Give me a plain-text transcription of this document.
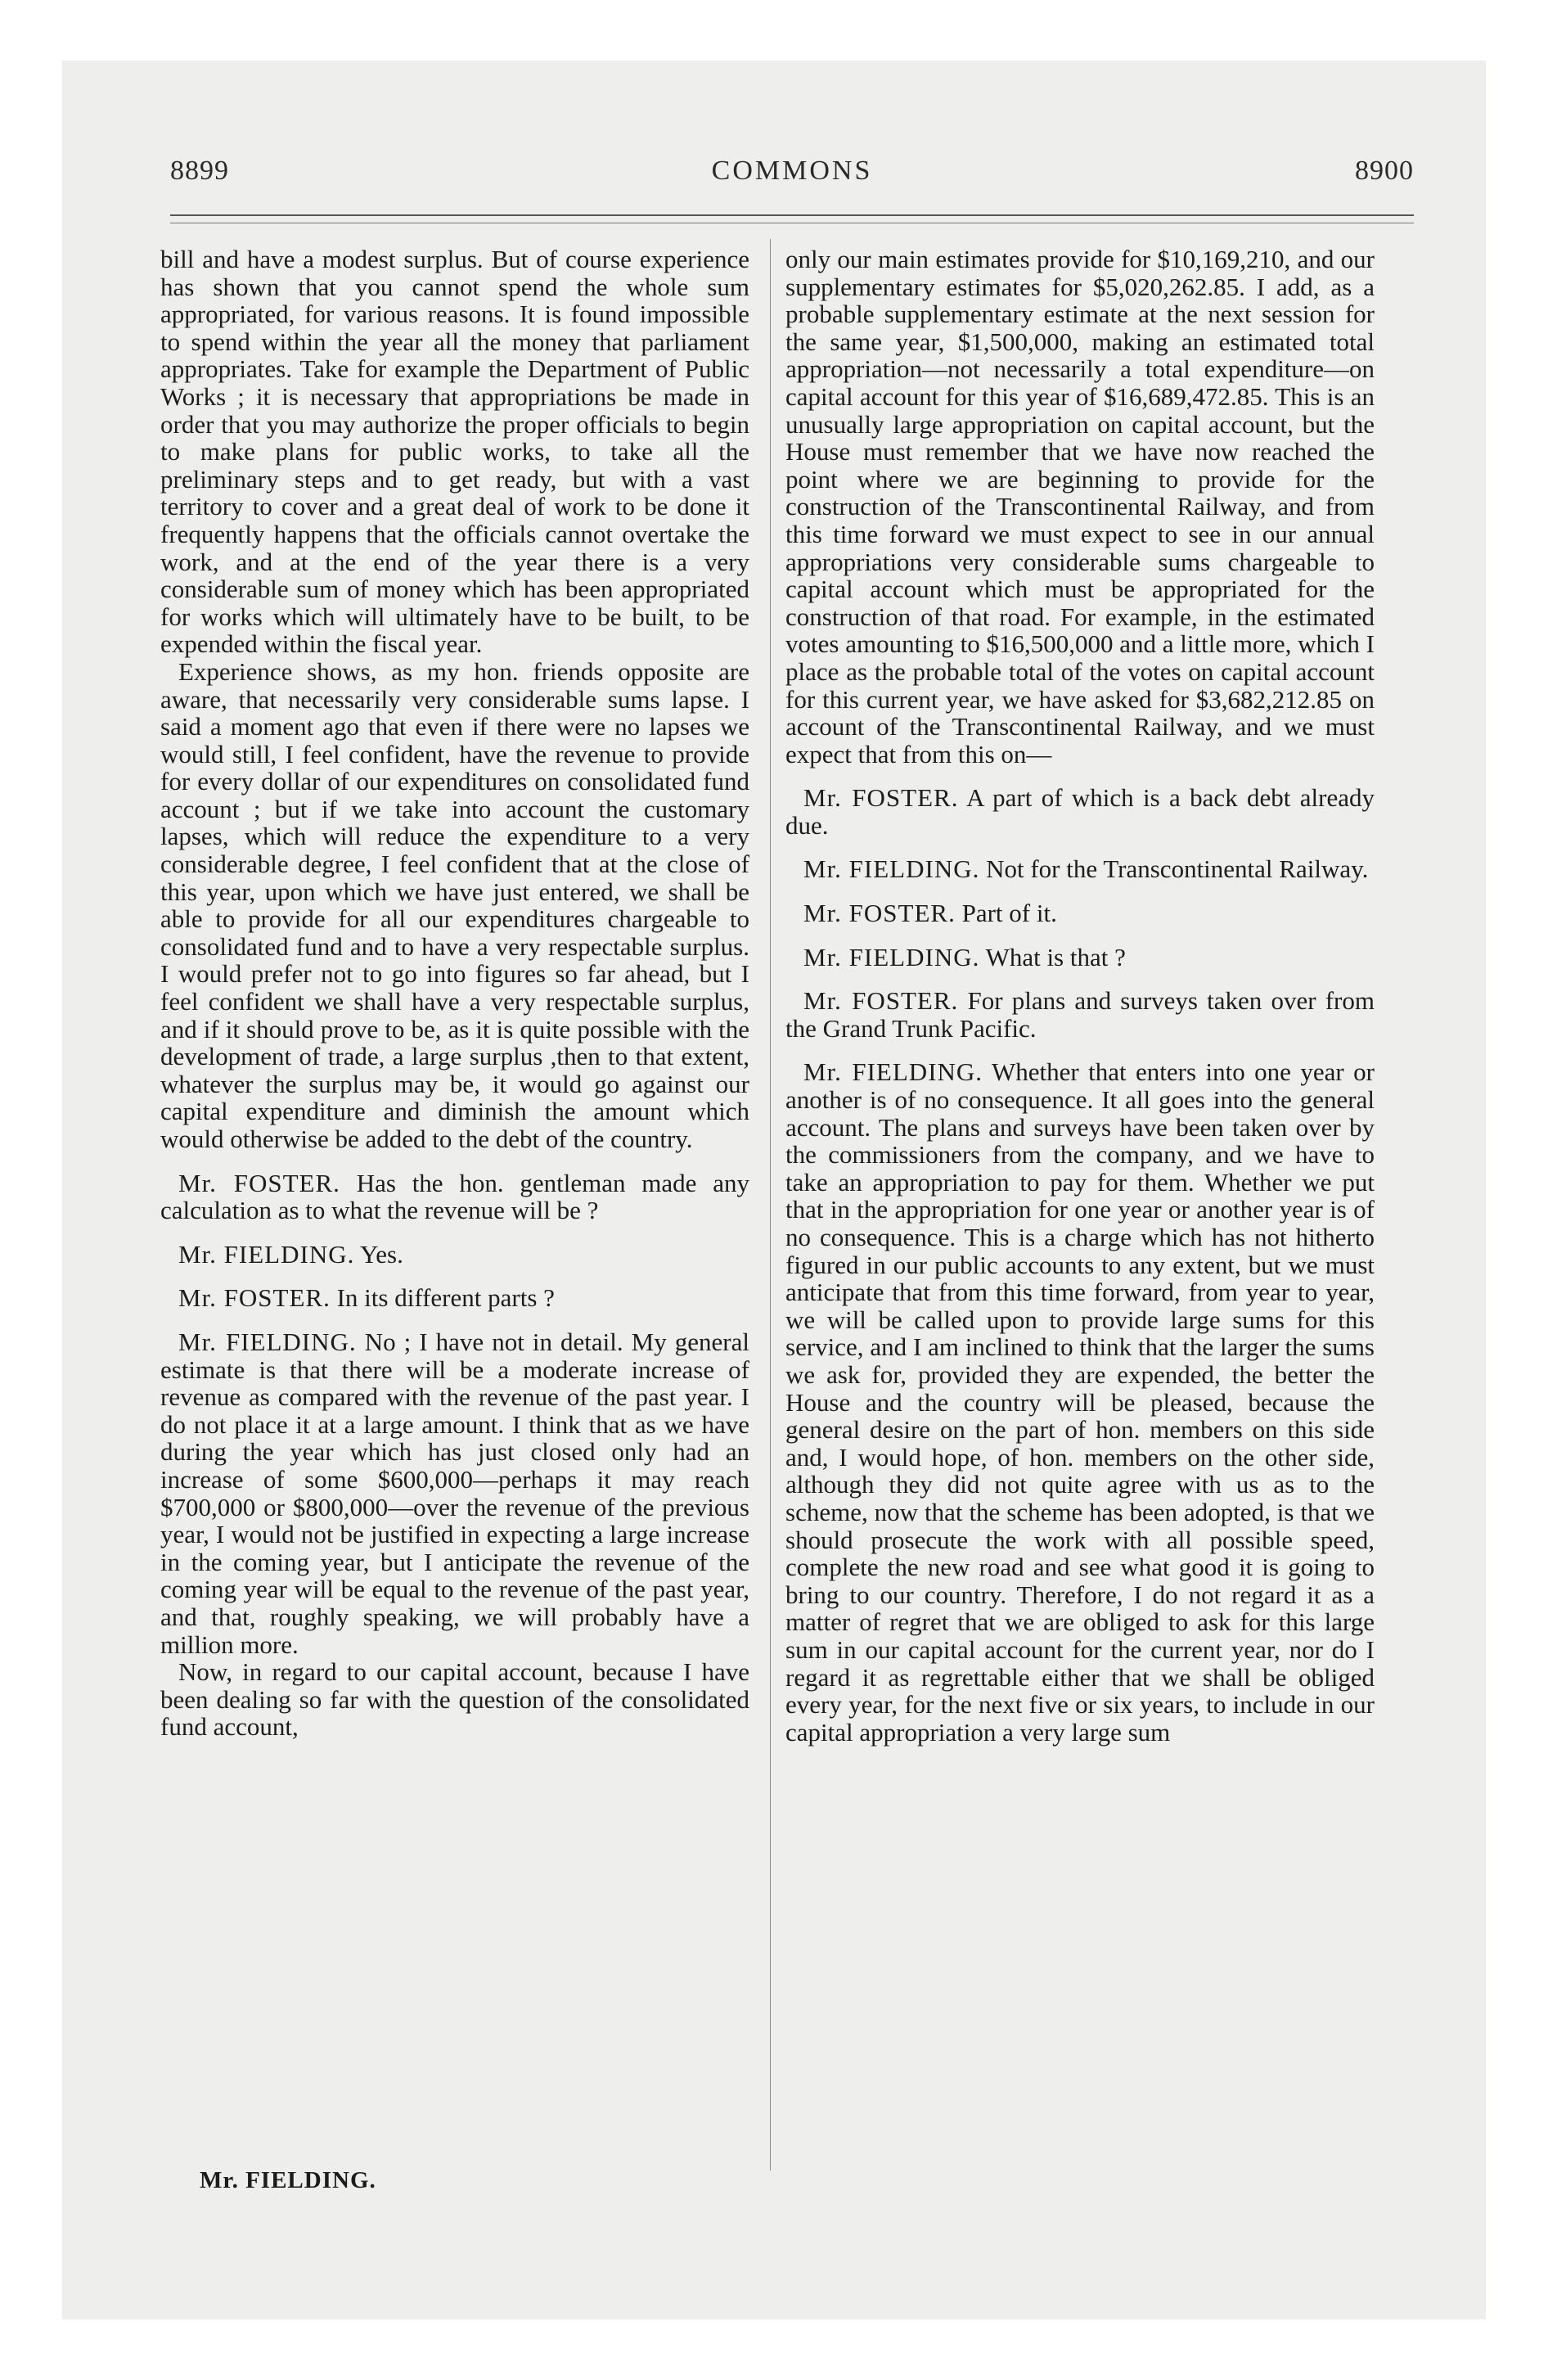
8899	COMMONS	8900

bill and have a modest surplus. But of course experience has shown that you cannot spend the whole sum appropriated, for various reasons. It is found impossible to spend within the year all the money that parliament appropriates. Take for example the Department of Public Works ; it is necessary that appropriations be made in order that you may authorize the proper officials to begin to make plans for public works, to take all the preliminary steps and to get ready, but with a vast territory to cover and a great deal of work to be done it frequently happens that the officials cannot overtake the work, and at the end of the year there is a very considerable sum of money which has been appropriated for works which will ultimately have to be built, to be expended within the fiscal year.

Experience shows, as my hon. friends opposite are aware, that necessarily very considerable sums lapse. I said a moment ago that even if there were no lapses we would still, I feel confident, have the revenue to provide for every dollar of our expenditures on consolidated fund account ; but if we take into account the customary lapses, which will reduce the expenditure to a very considerable degree, I feel confident that at the close of this year, upon which we have just entered, we shall be able to provide for all our expenditures chargeable to consolidated fund and to have a very respectable surplus. I would prefer not to go into figures so far ahead, but I feel confident we shall have a very respectable surplus, and if it should prove to be, as it is quite possible with the development of trade, a large surplus ,then to that extent, whatever the surplus may be, it would go against our capital expenditure and diminish the amount which would otherwise be added to the debt of the country.

Mr. FOSTER. Has the hon. gentleman made any calculation as to what the revenue will be ?

Mr. FIELDING. Yes.

Mr. FOSTER. In its different parts ?

Mr. FIELDING. No ; I have not in detail. My general estimate is that there will be a moderate increase of revenue as compared with the revenue of the past year. I do not place it at a large amount. I think that as we have during the year which has just closed only had an increase of some $600,000—perhaps it may reach $700,000 or $800,000—over the revenue of the previous year, I would not be justified in expecting a large increase in the coming year, but I anticipate the revenue of the coming year will be equal to the revenue of the past year, and that, roughly speaking, we will probably have a million more.

Now, in regard to our capital account, because I have been dealing so far with the question of the consolidated fund account,

only our main estimates provide for $10,169,210, and our supplementary estimates for $5,020,262.85. I add, as a probable supplementary estimate at the next session for the same year, $1,500,000, making an estimated total appropriation—not necessarily a total expenditure—on capital account for this year of $16,689,472.85. This is an unusually large appropriation on capital account, but the House must remember that we have now reached the point where we are beginning to provide for the construction of the Transcontinental Railway, and from this time forward we must expect to see in our annual appropriations very considerable sums chargeable to capital account which must be appropriated for the construction of that road. For example, in the estimated votes amounting to $16,500,000 and a little more, which I place as the probable total of the votes on capital account for this current year, we have asked for $3,682,212.85 on account of the Transcontinental Railway, and we must expect that from this on—

Mr. FOSTER. A part of which is a back debt already due.

Mr. FIELDING. Not for the Transcontinental Railway.

Mr. FOSTER. Part of it.

Mr. FIELDING. What is that ?

Mr. FOSTER. For plans and surveys taken over from the Grand Trunk Pacific.

Mr. FIELDING. Whether that enters into one year or another is of no consequence. It all goes into the general account. The plans and surveys have been taken over by the commissioners from the company, and we have to take an appropriation to pay for them. Whether we put that in the appropriation for one year or another year is of no consequence. This is a charge which has not hitherto figured in our public accounts to any extent, but we must anticipate that from this time forward, from year to year, we will be called upon to provide large sums for this service, and I am inclined to think that the larger the sums we ask for, provided they are expended, the better the House and the country will be pleased, because the general desire on the part of hon. members on this side and, I would hope, of hon. members on the other side, although they did not quite agree with us as to the scheme, now that the scheme has been adopted, is that we should prosecute the work with all possible speed, complete the new road and see what good it is going to bring to our country. Therefore, I do not regard it as a matter of regret that we are obliged to ask for this large sum in our capital account for the current year, nor do I regard it as regrettable either that we shall be obliged every year, for the next five or six years, to include in our capital appropriation a very large sum

Mr. FIELDING.
